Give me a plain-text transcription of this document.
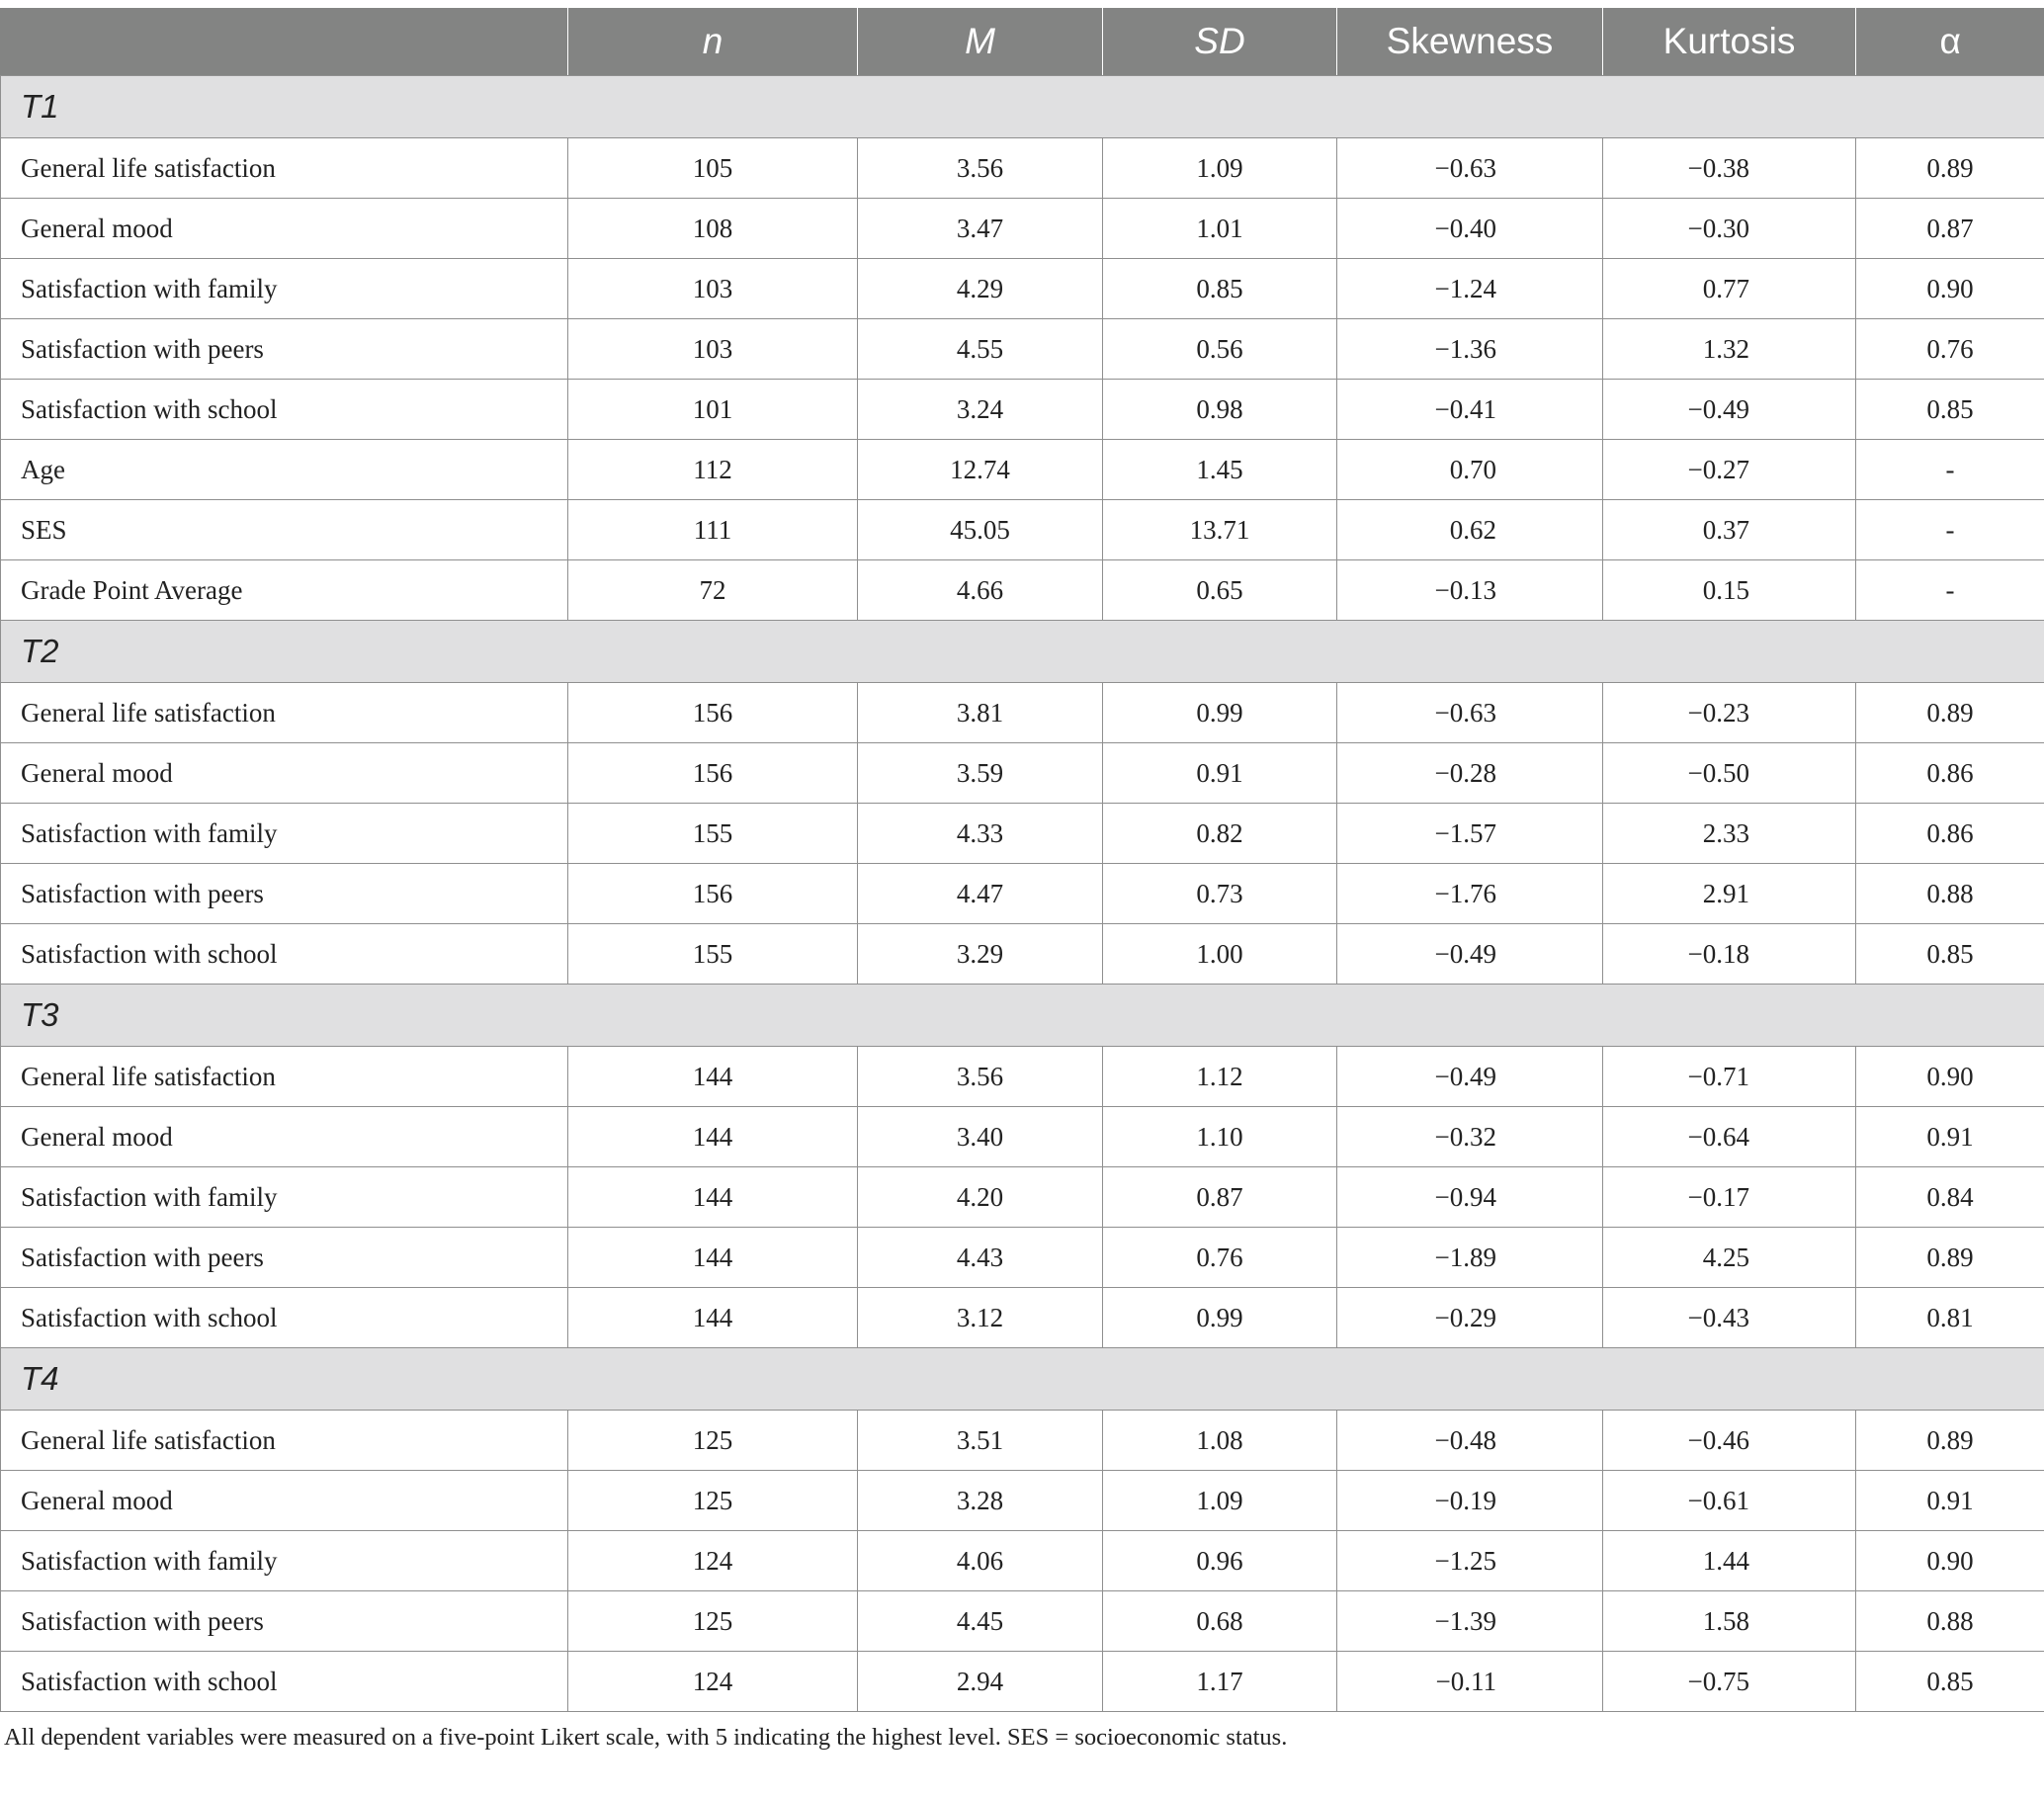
	n	M	SD	Skewness	Kurtosis	α
T1						
General life satisfaction	105	3.56	1.09	−0.63	−0.38	0.89
General mood	108	3.47	1.01	−0.40	−0.30	0.87
Satisfaction with family	103	4.29	0.85	−1.24	0.77	0.90
Satisfaction with peers	103	4.55	0.56	−1.36	1.32	0.76
Satisfaction with school	101	3.24	0.98	−0.41	−0.49	0.85
Age	112	12.74	1.45	0.70	−0.27	-
SES	111	45.05	13.71	0.62	0.37	-
Grade Point Average	72	4.66	0.65	−0.13	0.15	-
T2						
General life satisfaction	156	3.81	0.99	−0.63	−0.23	0.89
General mood	156	3.59	0.91	−0.28	−0.50	0.86
Satisfaction with family	155	4.33	0.82	−1.57	2.33	0.86
Satisfaction with peers	156	4.47	0.73	−1.76	2.91	0.88
Satisfaction with school	155	3.29	1.00	−0.49	−0.18	0.85
T3						
General life satisfaction	144	3.56	1.12	−0.49	−0.71	0.90
General mood	144	3.40	1.10	−0.32	−0.64	0.91
Satisfaction with family	144	4.20	0.87	−0.94	−0.17	0.84
Satisfaction with peers	144	4.43	0.76	−1.89	4.25	0.89
Satisfaction with school	144	3.12	0.99	−0.29	−0.43	0.81
T4						
General life satisfaction	125	3.51	1.08	−0.48	−0.46	0.89
General mood	125	3.28	1.09	−0.19	−0.61	0.91
Satisfaction with family	124	4.06	0.96	−1.25	1.44	0.90
Satisfaction with peers	125	4.45	0.68	−1.39	1.58	0.88
Satisfaction with school	124	2.94	1.17	−0.11	−0.75	0.85
All dependent variables were measured on a five-point Likert scale, with 5 indicating the highest level. SES = socioeconomic status.
